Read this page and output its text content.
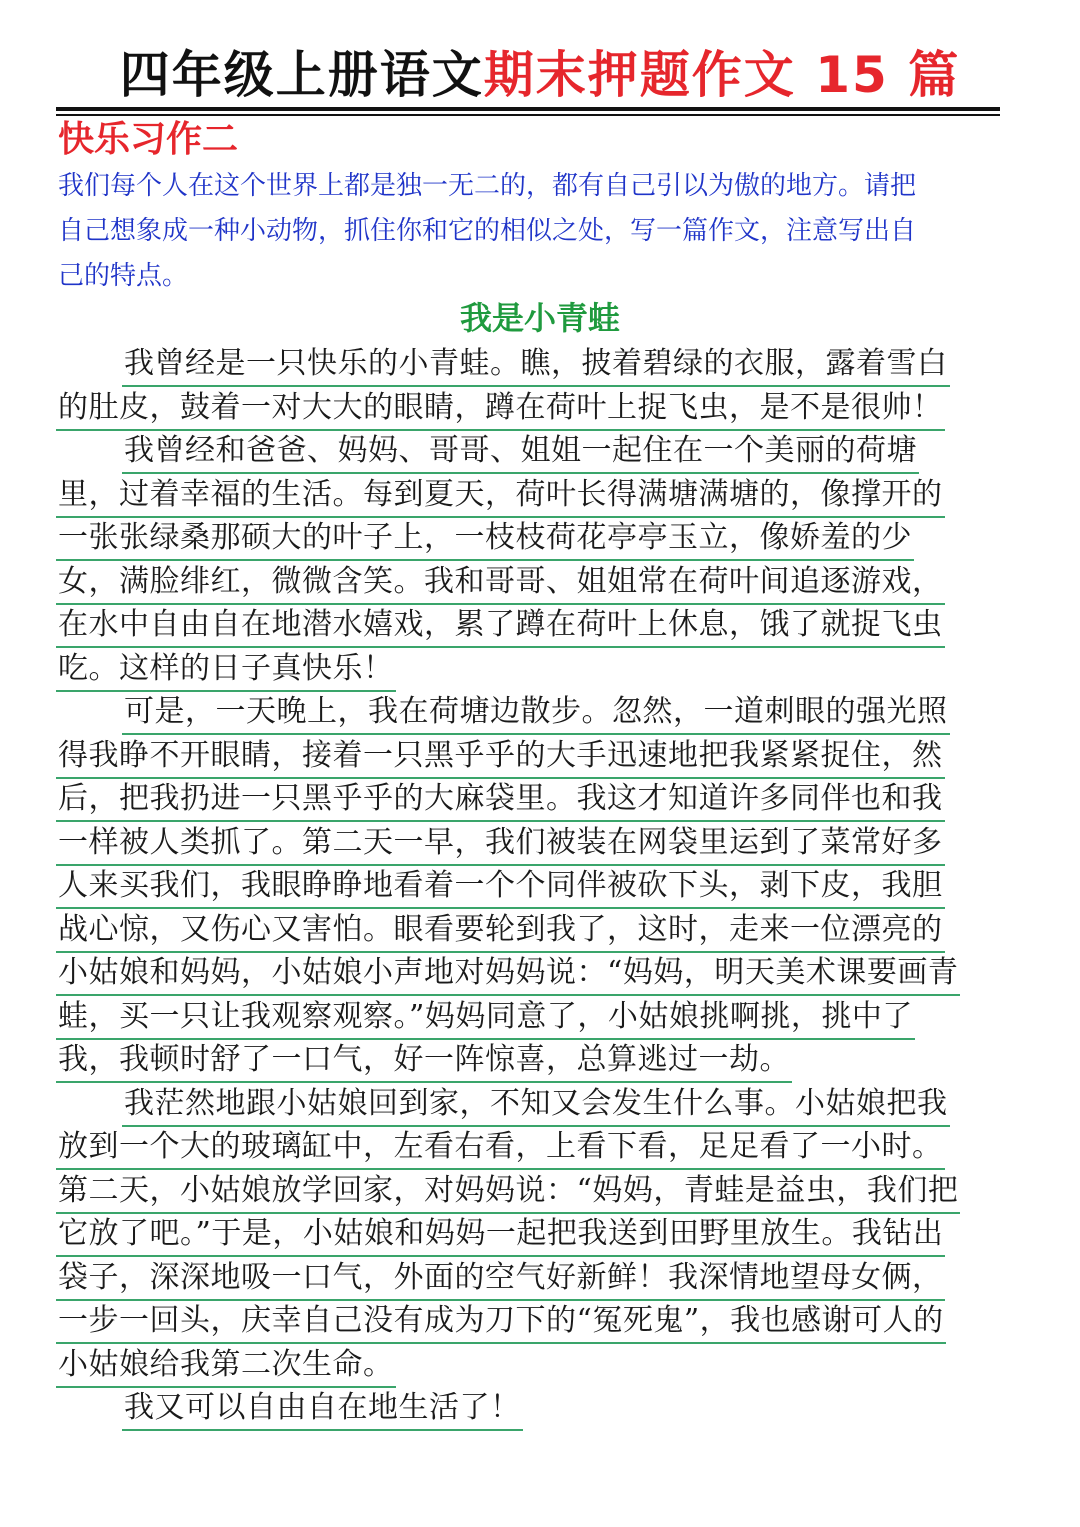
四年级上册语文期末押题作文 15 篇
快乐习作二
我们每个人在这个世界上都是独一无二的，都有自己引以为傲的地方。请把
自己想象成一种小动物，抓住你和它的相似之处，写一篇作文，注意写出自
己的特点。
我是小青蛙
我曾经是一只快乐的小青蛙。瞧，披着碧绿的衣服，露着雪白
的肚皮，鼓着一对大大的眼睛，蹲在荷叶上捉飞虫，是不是很帅！
我曾经和爸爸、妈妈、哥哥、姐姐一起住在一个美丽的荷塘
里，过着幸福的生活。每到夏天，荷叶长得满塘满塘的，像撑开的
一张张绿桑那硕大的叶子上，一枝枝荷花亭亭玉立，像娇羞的少
女，满脸绯红，微微含笑。我和哥哥、姐姐常在荷叶间追逐游戏，
在水中自由自在地潜水嬉戏，累了蹲在荷叶上休息，饿了就捉飞虫
吃。这样的日子真快乐！
可是，一天晚上，我在荷塘边散步。忽然，一道刺眼的强光照
得我睁不开眼睛，接着一只黑乎乎的大手迅速地把我紧紧捉住，然
后，把我扔进一只黑乎乎的大麻袋里。我这才知道许多同伴也和我
一样被人类抓了。第二天一早，我们被装在网袋里运到了菜常好多
人来买我们，我眼睁睁地看着一个个同伴被砍下头，剥下皮，我胆
战心惊，又伤心又害怕。眼看要轮到我了，这时，走来一位漂亮的
小姑娘和妈妈，小姑娘小声地对妈妈说：“妈妈，明天美术课要画青
蛙，买一只让我观察观察。”妈妈同意了，小姑娘挑啊挑，挑中了
我，我顿时舒了一口气，好一阵惊喜，总算逃过一劫。
我茫然地跟小姑娘回到家，不知又会发生什么事。小姑娘把我
放到一个大的玻璃缸中，左看右看，上看下看，足足看了一小时。
第二天，小姑娘放学回家，对妈妈说：“妈妈，青蛙是益虫，我们把
它放了吧。”于是，小姑娘和妈妈一起把我送到田野里放生。我钻出
袋子，深深地吸一口气，外面的空气好新鲜！我深情地望母女俩，
一步一回头，庆幸自己没有成为刀下的“冤死鬼”，我也感谢可人的
小姑娘给我第二次生命。
我又可以自由自在地生活了！
